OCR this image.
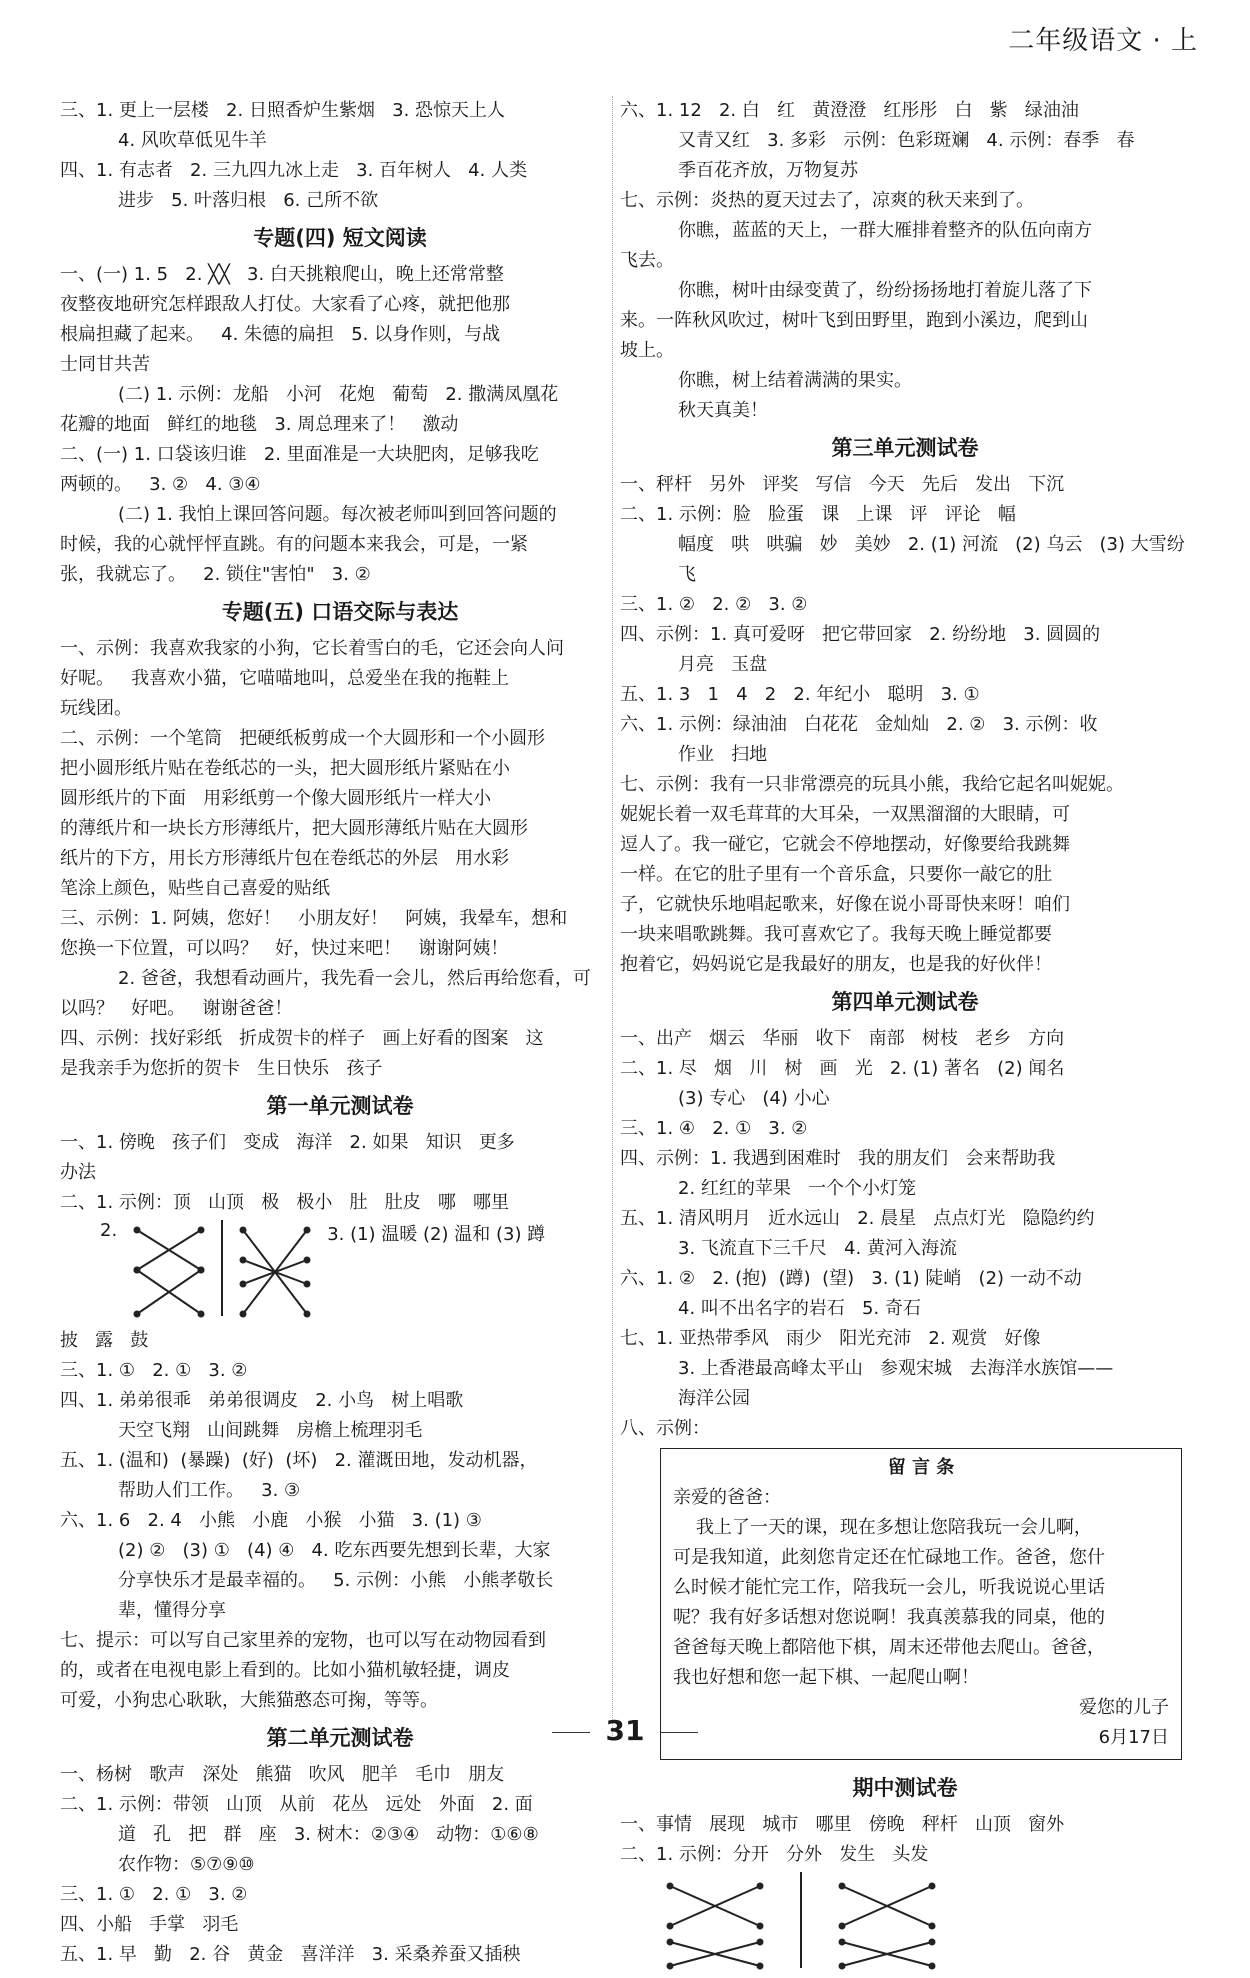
二年级语文 · 上
三、1. 更上一层楼   2. 日照香炉生紫烟   3. 恐惊天上人
4. 风吹草低见牛羊
四、1. 有志者   2. 三九四九冰上走   3. 百年树人   4. 人类
进步   5. 叶落归根   6. 己所不欲
专题(四) 短文阅读
一、(一) 1. 5   2. ╳╳   3. 白天挑粮爬山，晚上还常常整
夜整夜地研究怎样跟敌人打仗。大家看了心疼，就把他那
根扁担藏了起来。   4. 朱德的扁担   5. 以身作则，与战
士同甘共苦
(二) 1. 示例：龙船   小河   花炮   葡萄   2. 撒满凤凰花
花瓣的地面   鲜红的地毯   3. 周总理来了！   激动
二、(一) 1. 口袋该归谁   2. 里面准是一大块肥肉，足够我吃
两顿的。   3. ②   4. ③④
(二) 1. 我怕上课回答问题。每次被老师叫到回答问题的
时候，我的心就怦怦直跳。有的问题本来我会，可是，一紧
张，我就忘了。   2. 锁住"害怕"   3. ②
专题(五) 口语交际与表达
一、示例：我喜欢我家的小狗，它长着雪白的毛，它还会向人问
好呢。   我喜欢小猫，它喵喵地叫，总爱坐在我的拖鞋上
玩线团。
二、示例：一个笔筒   把硬纸板剪成一个大圆形和一个小圆形
把小圆形纸片贴在卷纸芯的一头，把大圆形纸片紧贴在小
圆形纸片的下面   用彩纸剪一个像大圆形纸片一样大小
的薄纸片和一块长方形薄纸片，把大圆形薄纸片贴在大圆形
纸片的下方，用长方形薄纸片包在卷纸芯的外层   用水彩
笔涂上颜色，贴些自己喜爱的贴纸
三、示例：1. 阿姨，您好！   小朋友好！   阿姨，我晕车，想和
您换一下位置，可以吗？   好，快过来吧！   谢谢阿姨！
2. 爸爸，我想看动画片，我先看一会儿，然后再给您看，可
以吗？   好吧。   谢谢爸爸！
四、示例：找好彩纸   折成贺卡的样子   画上好看的图案   这
是我亲手为您折的贺卡   生日快乐   孩子
第一单元测试卷
一、1. 傍晚   孩子们   变成   海洋   2. 如果   知识   更多
办法
二、1. 示例：顶   山顶   极   极小   肚   肚皮   哪   哪里
2.	3. (1) 温暖 (2) 温和 (3) 蹲
披   露   鼓
三、1. ①   2. ①   3. ②
四、1. 弟弟很乖   弟弟很调皮   2. 小鸟   树上唱歌
天空飞翔   山间跳舞   房檐上梳理羽毛
五、1. (温和)  (暴躁)  (好)  (坏)   2. 灌溉田地，发动机器，
帮助人们工作。   3. ③
六、1. 6   2. 4   小熊   小鹿   小猴   小猫   3. (1) ③
(2) ②   (3) ①   (4) ④   4. 吃东西要先想到长辈，大家
分享快乐才是最幸福的。   5. 示例：小熊   小熊孝敬长
辈，懂得分享
七、提示：可以写自己家里养的宠物，也可以写在动物园看到
的，或者在电视电影上看到的。比如小猫机敏轻捷，调皮
可爱，小狗忠心耿耿，大熊猫憨态可掬，等等。
第二单元测试卷
一、杨树   歌声   深处   熊猫   吹风   肥羊   毛巾   朋友
二、1. 示例：带领   山顶   从前   花丛   远处   外面   2. 面
道   孔   把   群   座   3. 树木：②③④   动物：①⑥⑧
农作物：⑤⑦⑨⑩
三、1. ①   2. ①   3. ②
四、小船   手掌   羽毛
五、1. 早   勤   2. 谷   黄金   喜洋洋   3. 采桑养蚕又插秧
六、1. 12   2. 白   红   黄澄澄   红彤彤   白   紫   绿油油
又青又红   3. 多彩   示例：色彩斑斓   4. 示例：春季   春
季百花齐放，万物复苏
七、示例：炎热的夏天过去了，凉爽的秋天来到了。
你瞧，蓝蓝的天上，一群大雁排着整齐的队伍向南方
飞去。
你瞧，树叶由绿变黄了，纷纷扬扬地打着旋儿落了下
来。一阵秋风吹过，树叶飞到田野里，跑到小溪边，爬到山
坡上。
你瞧，树上结着满满的果实。
秋天真美！
第三单元测试卷
一、秤杆   另外   评奖   写信   今天   先后   发出   下沉
二、1. 示例：脸   脸蛋   课   上课   评   评论   幅
幅度   哄   哄骗   妙   美妙   2. (1) 河流   (2) 乌云   (3) 大雪纷飞
三、1. ②   2. ②   3. ②
四、示例：1. 真可爱呀   把它带回家   2. 纷纷地   3. 圆圆的
月亮   玉盘
五、1. 3   1   4   2   2. 年纪小   聪明   3. ①
六、1. 示例：绿油油   白花花   金灿灿   2. ②   3. 示例：收
作业   扫地
七、示例：我有一只非常漂亮的玩具小熊，我给它起名叫妮妮。
妮妮长着一双毛茸茸的大耳朵，一双黑溜溜的大眼睛，可
逗人了。我一碰它，它就会不停地摆动，好像要给我跳舞
一样。在它的肚子里有一个音乐盒，只要你一敲它的肚
子，它就快乐地唱起歌来，好像在说小哥哥快来呀！咱们
一块来唱歌跳舞。我可喜欢它了。我每天晚上睡觉都要
抱着它，妈妈说它是我最好的朋友，也是我的好伙伴！
第四单元测试卷
一、出产   烟云   华丽   收下   南部   树枝   老乡   方向
二、1. 尽   烟   川   树   画   光   2. (1) 著名   (2) 闻名
(3) 专心   (4) 小心
三、1. ④   2. ①   3. ②
四、示例：1. 我遇到困难时   我的朋友们   会来帮助我
2. 红红的苹果   一个个小灯笼
五、1. 清风明月   近水远山   2. 晨星   点点灯光   隐隐约约
3. 飞流直下三千尺   4. 黄河入海流
六、1. ②   2. (抱)  (蹲)  (望)   3. (1) 陡峭   (2) 一动不动
4. 叫不出名字的岩石   5. 奇石
七、1. 亚热带季风   雨少   阳光充沛   2. 观赏   好像
3. 上香港最高峰太平山   参观宋城   去海洋水族馆——
海洋公园
八、示例：
留 言 条
亲爱的爸爸：
我上了一天的课，现在多想让您陪我玩一会儿啊，
可是我知道，此刻您肯定还在忙碌地工作。爸爸，您什
么时候才能忙完工作，陪我玩一会儿，听我说说心里话
呢？我有好多话想对您说啊！我真羡慕我的同桌，他的
爸爸每天晚上都陪他下棋，周末还带他去爬山。爸爸，
我也好想和您一起下棋、一起爬山啊！
爱您的儿子
6月17日
期中测试卷
一、事情   展现   城市   哪里   傍晚   秤杆   山顶   窗外
二、1. 示例：分开   分外   发生   头发
31
